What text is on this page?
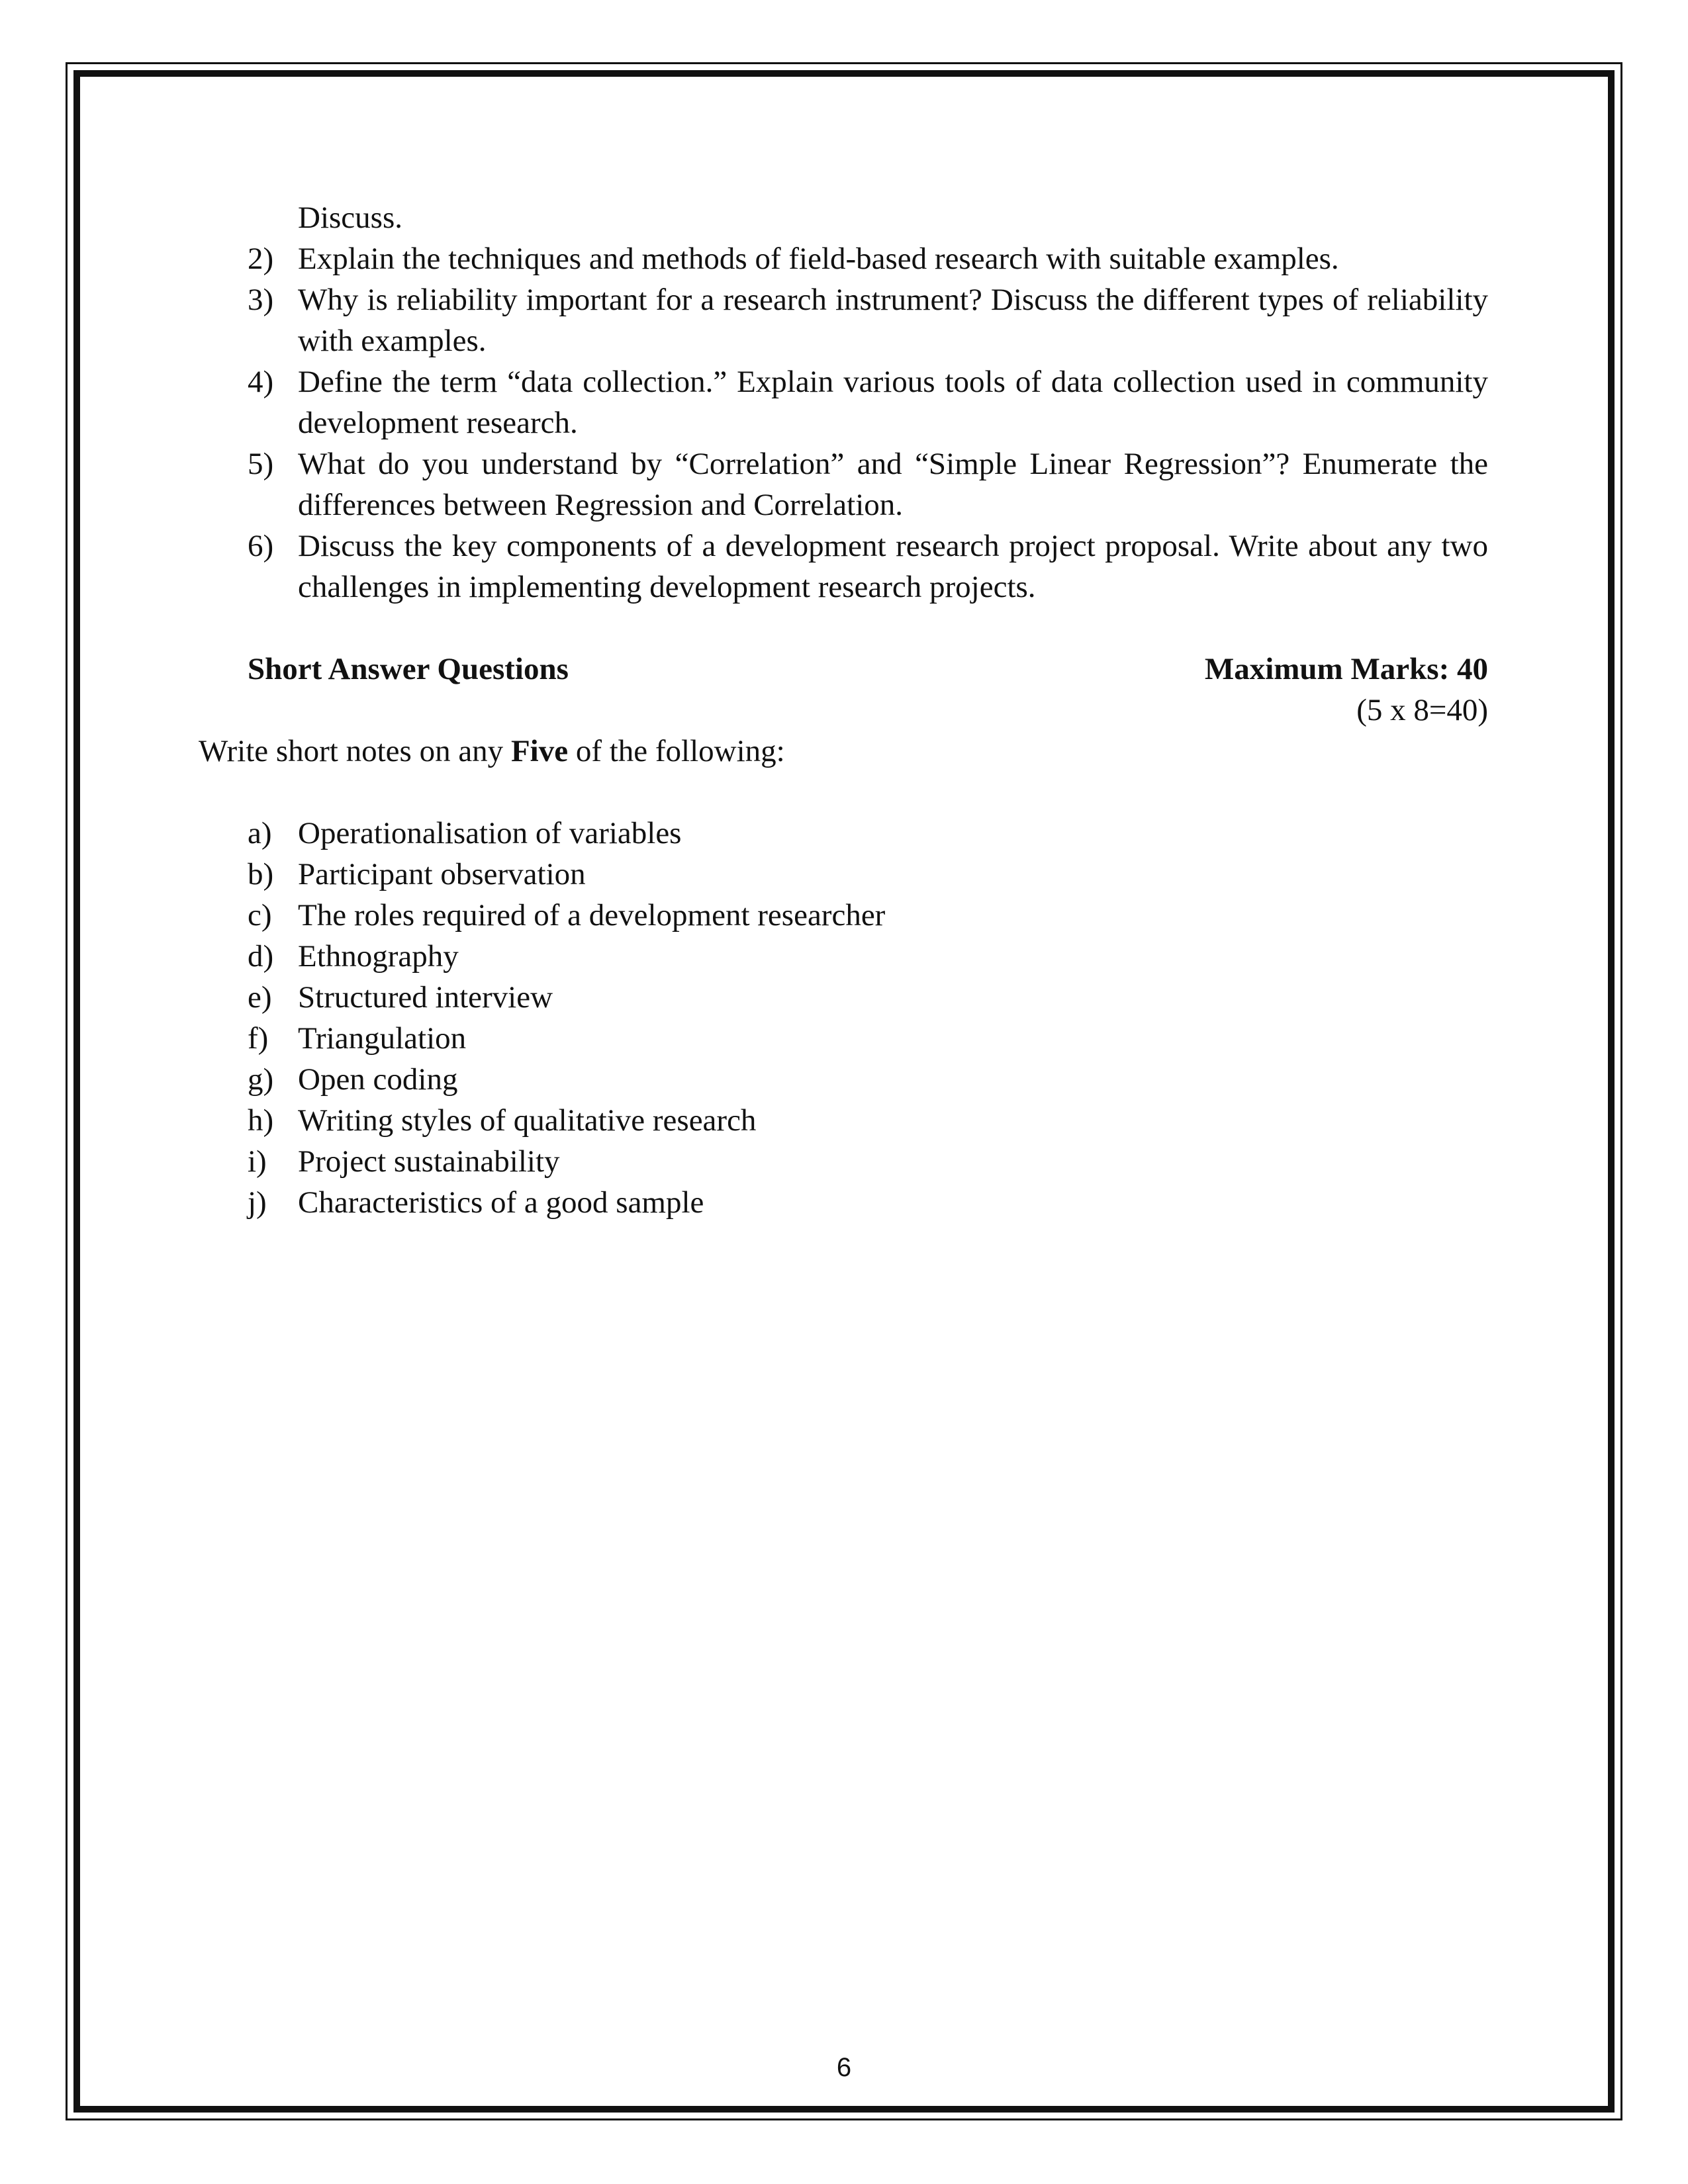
Discuss.
2) Explain the techniques and methods of field-based research with suitable examples.
3) Why is reliability important for a research instrument? Discuss the different types of reliability with examples.
4) Define the term “data collection.” Explain various tools of data collection used in community development research.
5) What do you understand by “Correlation” and “Simple Linear Regression”? Enumerate the differences between Regression and Correlation.
6) Discuss the key components of a development research project proposal. Write about any two challenges in implementing development research projects.
Short Answer Questions	Maximum Marks: 40
(5 x 8=40)
Write short notes on any Five of the following:
a) Operationalisation of variables
b) Participant observation
c) The roles required of a development researcher
d) Ethnography
e) Structured interview
f) Triangulation
g) Open coding
h) Writing styles of qualitative research
i) Project sustainability
j) Characteristics of a good sample
6
